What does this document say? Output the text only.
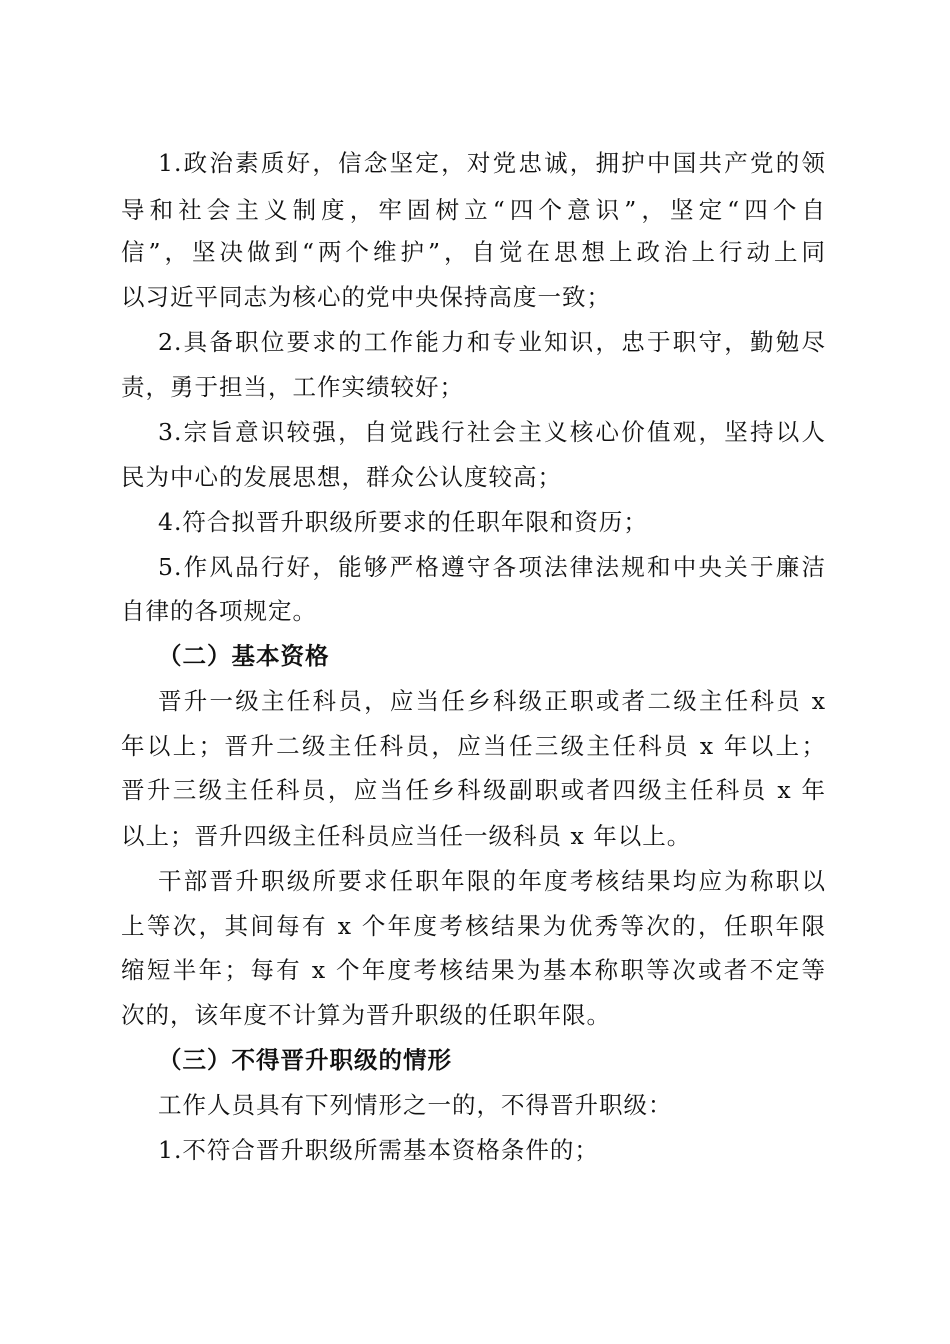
1.政治素质好，信念坚定，对党忠诚，拥护中国共产党的领
导和社会主义制度，牢固树立“四个意识”，坚定“四个自
信”，坚决做到“两个维护”，自觉在思想上政治上行动上同
以习近平同志为核心的党中央保持高度一致；
2.具备职位要求的工作能力和专业知识，忠于职守，勤勉尽
责，勇于担当，工作实绩较好；
3.宗旨意识较强，自觉践行社会主义核心价值观，坚持以人
民为中心的发展思想，群众公认度较高；
4.符合拟晋升职级所要求的任职年限和资历；
5.作风品行好，能够严格遵守各项法律法规和中央关于廉洁
自律的各项规定。
（二）基本资格
晋升一级主任科员，应当任乡科级正职或者二级主任科员 x
年以上；晋升二级主任科员，应当任三级主任科员 x 年以上；
晋升三级主任科员，应当任乡科级副职或者四级主任科员 x 年
以上；晋升四级主任科员应当任一级科员 x 年以上。
干部晋升职级所要求任职年限的年度考核结果均应为称职以
上等次，其间每有 x 个年度考核结果为优秀等次的，任职年限
缩短半年；每有 x 个年度考核结果为基本称职等次或者不定等
次的，该年度不计算为晋升职级的任职年限。
（三）不得晋升职级的情形
工作人员具有下列情形之一的，不得晋升职级：
1.不符合晋升职级所需基本资格条件的；
